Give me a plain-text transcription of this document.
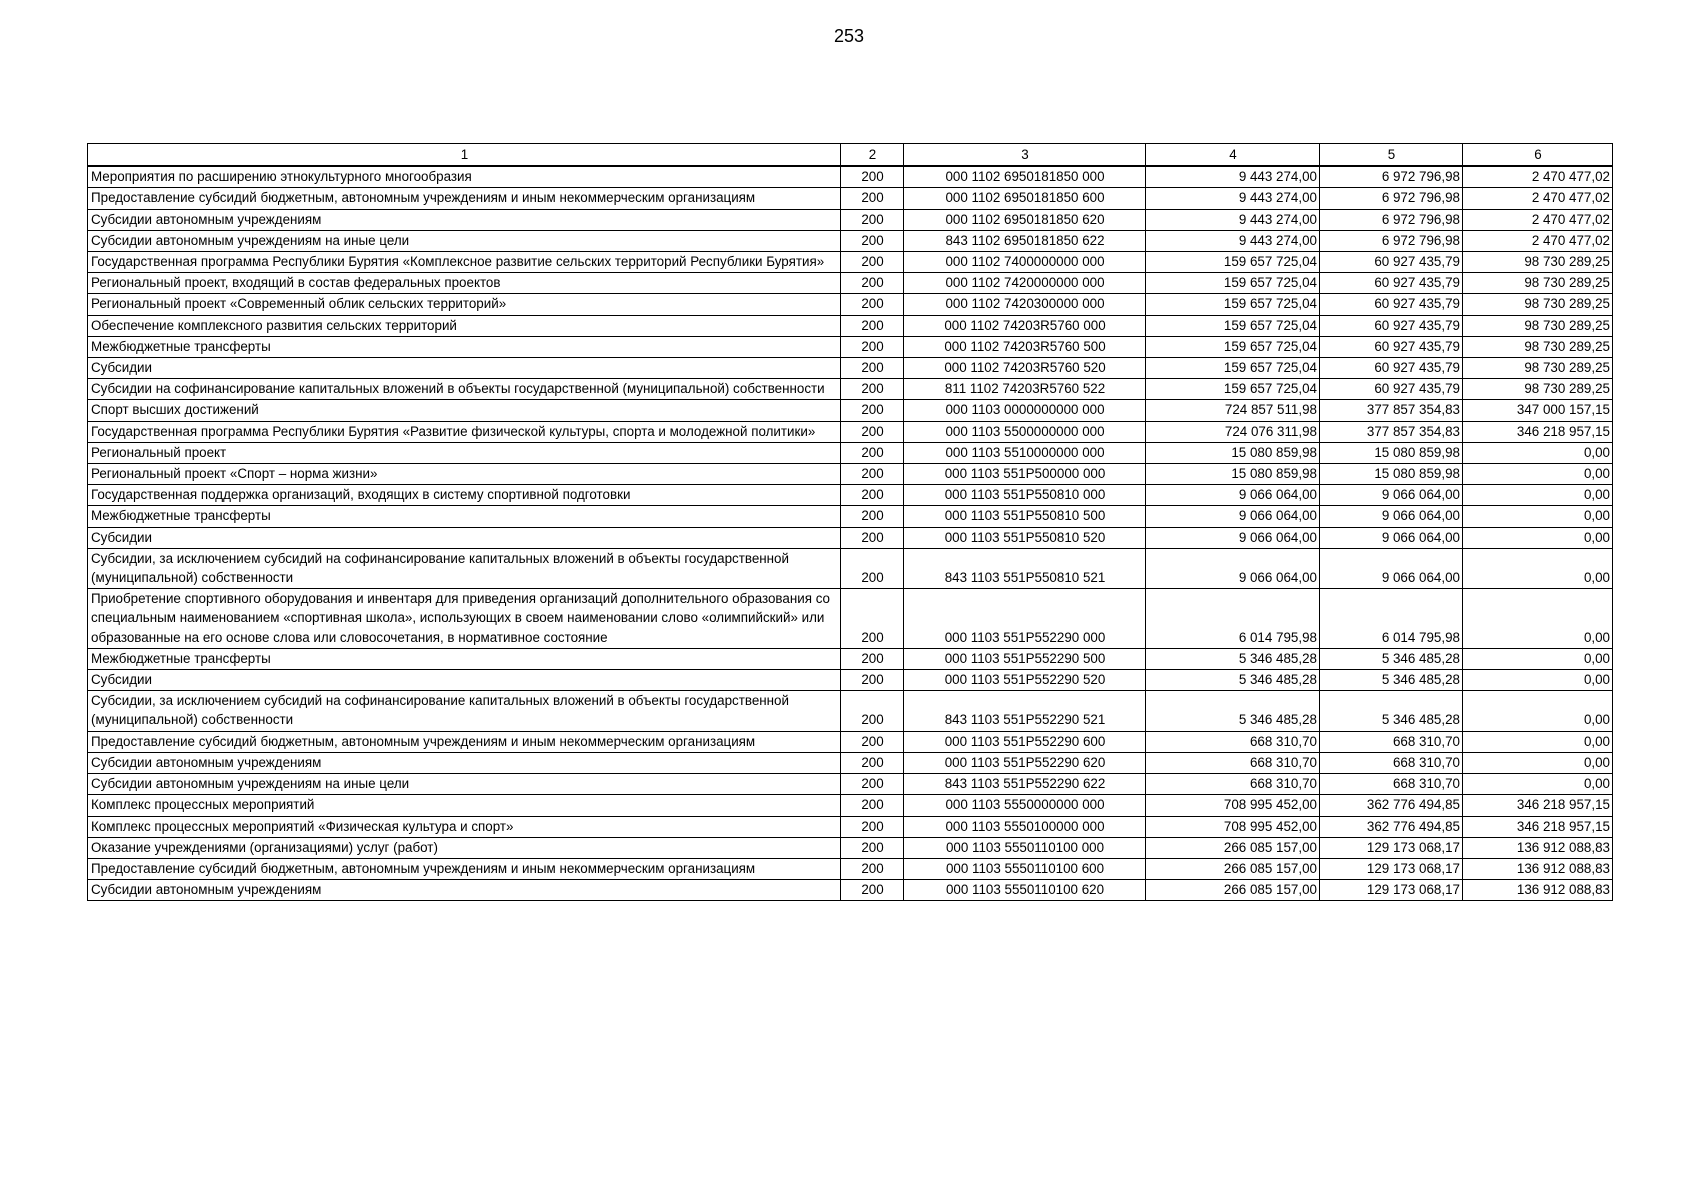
253
1	2	3	4	5	6
Мероприятия по расширению этнокультурного многообразия	200	000 1102 6950181850 000	9 443 274,00	6 972 796,98	2 470 477,02
Предоставление субсидий бюджетным, автономным учреждениям и иным некоммерческим организациям	200	000 1102 6950181850 600	9 443 274,00	6 972 796,98	2 470 477,02
Субсидии автономным учреждениям	200	000 1102 6950181850 620	9 443 274,00	6 972 796,98	2 470 477,02
Субсидии автономным учреждениям на иные цели	200	843 1102 6950181850 622	9 443 274,00	6 972 796,98	2 470 477,02
Государственная программа Республики Бурятия «Комплексное развитие сельских территорий Республики Бурятия»	200	000 1102 7400000000 000	159 657 725,04	60 927 435,79	98 730 289,25
Региональный проект, входящий в состав федеральных проектов	200	000 1102 7420000000 000	159 657 725,04	60 927 435,79	98 730 289,25
Региональный проект «Современный облик сельских территорий»	200	000 1102 7420300000 000	159 657 725,04	60 927 435,79	98 730 289,25
Обеспечение комплексного развития сельских территорий	200	000 1102 74203R5760 000	159 657 725,04	60 927 435,79	98 730 289,25
Межбюджетные трансферты	200	000 1102 74203R5760 500	159 657 725,04	60 927 435,79	98 730 289,25
Субсидии	200	000 1102 74203R5760 520	159 657 725,04	60 927 435,79	98 730 289,25
Субсидии на софинансирование капитальных вложений в объекты государственной (муниципальной) собственности	200	811 1102 74203R5760 522	159 657 725,04	60 927 435,79	98 730 289,25
Спорт высших достижений	200	000 1103 0000000000 000	724 857 511,98	377 857 354,83	347 000 157,15
Государственная программа Республики Бурятия «Развитие физической культуры, спорта и молодежной политики»	200	000 1103 5500000000 000	724 076 311,98	377 857 354,83	346 218 957,15
Региональный проект	200	000 1103 5510000000 000	15 080 859,98	15 080 859,98	0,00
Региональный проект «Спорт – норма жизни»	200	000 1103 551P500000 000	15 080 859,98	15 080 859,98	0,00
Государственная поддержка организаций, входящих в систему спортивной подготовки	200	000 1103 551P550810 000	9 066 064,00	9 066 064,00	0,00
Межбюджетные трансферты	200	000 1103 551P550810 500	9 066 064,00	9 066 064,00	0,00
Субсидии	200	000 1103 551P550810 520	9 066 064,00	9 066 064,00	0,00
Субсидии, за исключением субсидий на софинансирование капитальных вложений в объекты государственной (муниципальной) собственности	200	843 1103 551P550810 521	9 066 064,00	9 066 064,00	0,00
Приобретение спортивного оборудования и инвентаря для приведения организаций дополнительного образования со специальным наименованием «спортивная школа», использующих в своем наименовании слово «олимпийский» или образованные на его основе слова или словосочетания, в нормативное состояние	200	000 1103 551P552290 000	6 014 795,98	6 014 795,98	0,00
Межбюджетные трансферты	200	000 1103 551P552290 500	5 346 485,28	5 346 485,28	0,00
Субсидии	200	000 1103 551P552290 520	5 346 485,28	5 346 485,28	0,00
Субсидии, за исключением субсидий на софинансирование капитальных вложений в объекты государственной (муниципальной) собственности	200	843 1103 551P552290 521	5 346 485,28	5 346 485,28	0,00
Предоставление субсидий бюджетным, автономным учреждениям и иным некоммерческим организациям	200	000 1103 551P552290 600	668 310,70	668 310,70	0,00
Субсидии автономным учреждениям	200	000 1103 551P552290 620	668 310,70	668 310,70	0,00
Субсидии автономным учреждениям на иные цели	200	843 1103 551P552290 622	668 310,70	668 310,70	0,00
Комплекс процессных мероприятий	200	000 1103 5550000000 000	708 995 452,00	362 776 494,85	346 218 957,15
Комплекс процессных мероприятий «Физическая культура и спорт»	200	000 1103 5550100000 000	708 995 452,00	362 776 494,85	346 218 957,15
Оказание учреждениями (организациями) услуг (работ)	200	000 1103 5550110100 000	266 085 157,00	129 173 068,17	136 912 088,83
Предоставление субсидий бюджетным, автономным учреждениям и иным некоммерческим организациям	200	000 1103 5550110100 600	266 085 157,00	129 173 068,17	136 912 088,83
Субсидии автономным учреждениям	200	000 1103 5550110100 620	266 085 157,00	129 173 068,17	136 912 088,83
